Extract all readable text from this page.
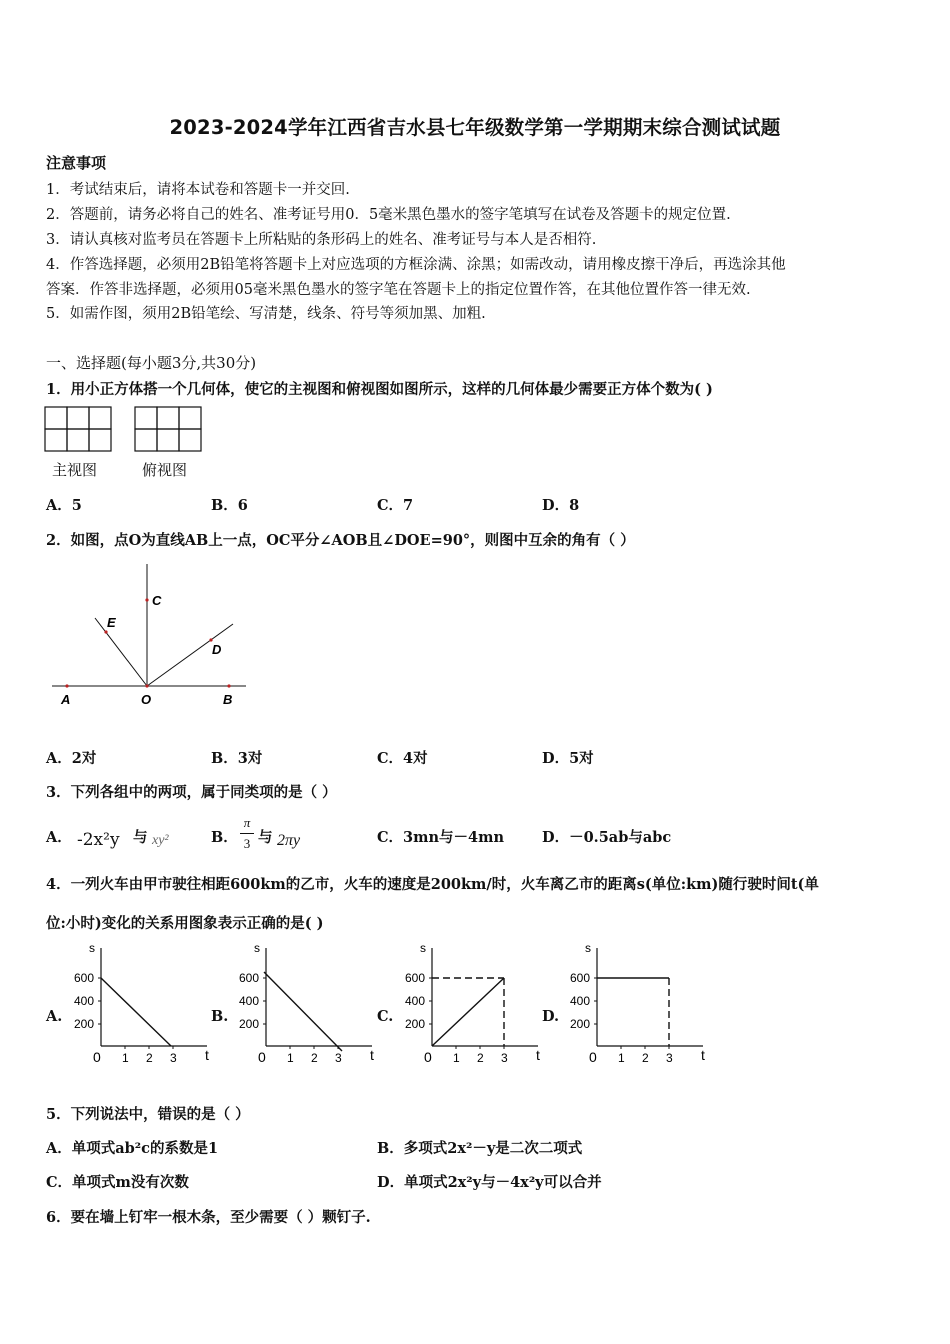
2023-2024学年江西省吉水县七年级数学第一学期期末综合测试试题
注意事项
1．考试结束后，请将本试卷和答题卡一并交回.
2．答题前，请务必将自己的姓名、准考证号用0．5毫米黑色墨水的签字笔填写在试卷及答题卡的规定位置.
3．请认真核对监考员在答题卡上所粘贴的条形码上的姓名、准考证号与本人是否相符.
4．作答选择题，必须用2B铅笔将答题卡上对应选项的方框涂满、涂黑；如需改动，请用橡皮擦干净后，再选涂其他
答案．作答非选择题，必须用05毫米黑色墨水的签字笔在答题卡上的指定位置作答，在其他位置作答一律无效.
5．如需作图，须用2B铅笔绘、写清楚，线条、符号等须加黑、加粗.
一、选择题(每小题3分,共30分)
1．用小正方体搭一个几何体，使它的主视图和俯视图如图所示，这样的几何体最少需要正方体个数为( )
主视图	俯视图
A．5	B．6	C．7	D．8
2．如图，点O为直线AB上一点，OC平分∠AOB且∠DOE=90°，则图中互余的角有（ ）
A	O	B
C
D
E
A．2对	B．3对	C．4对	D．5对
3．下列各组中的两项，属于同类项的是（ ）
A． -2x²y 与 xy²	B．
π
3 与 2πy	C．3mn与－4mn	D．－0.5ab与abc
4．一列火车由甲市驶往相距600km的乙市，火车的速度是200km/时，火车离乙市的距离s(单位:km)随行驶时间t(单
位:小时)变化的关系用图象表示正确的是( )
A.
s
t
600
400
200
0 1 2 3
B.
s
t
600
400
200
0 1 2 3
C.
s
t
600
400
200
0 1 2 3
D.
s
t
600
400
200
0 1 2 3
5．下列说法中，错误的是（ ）
A．单项式ab²c的系数是1	B．多项式2x²－y是二次二项式
C．单项式m没有次数	D．单项式2x²y与－4x²y可以合并
6．要在墙上钉牢一根木条，至少需要（ ）颗钉子.
